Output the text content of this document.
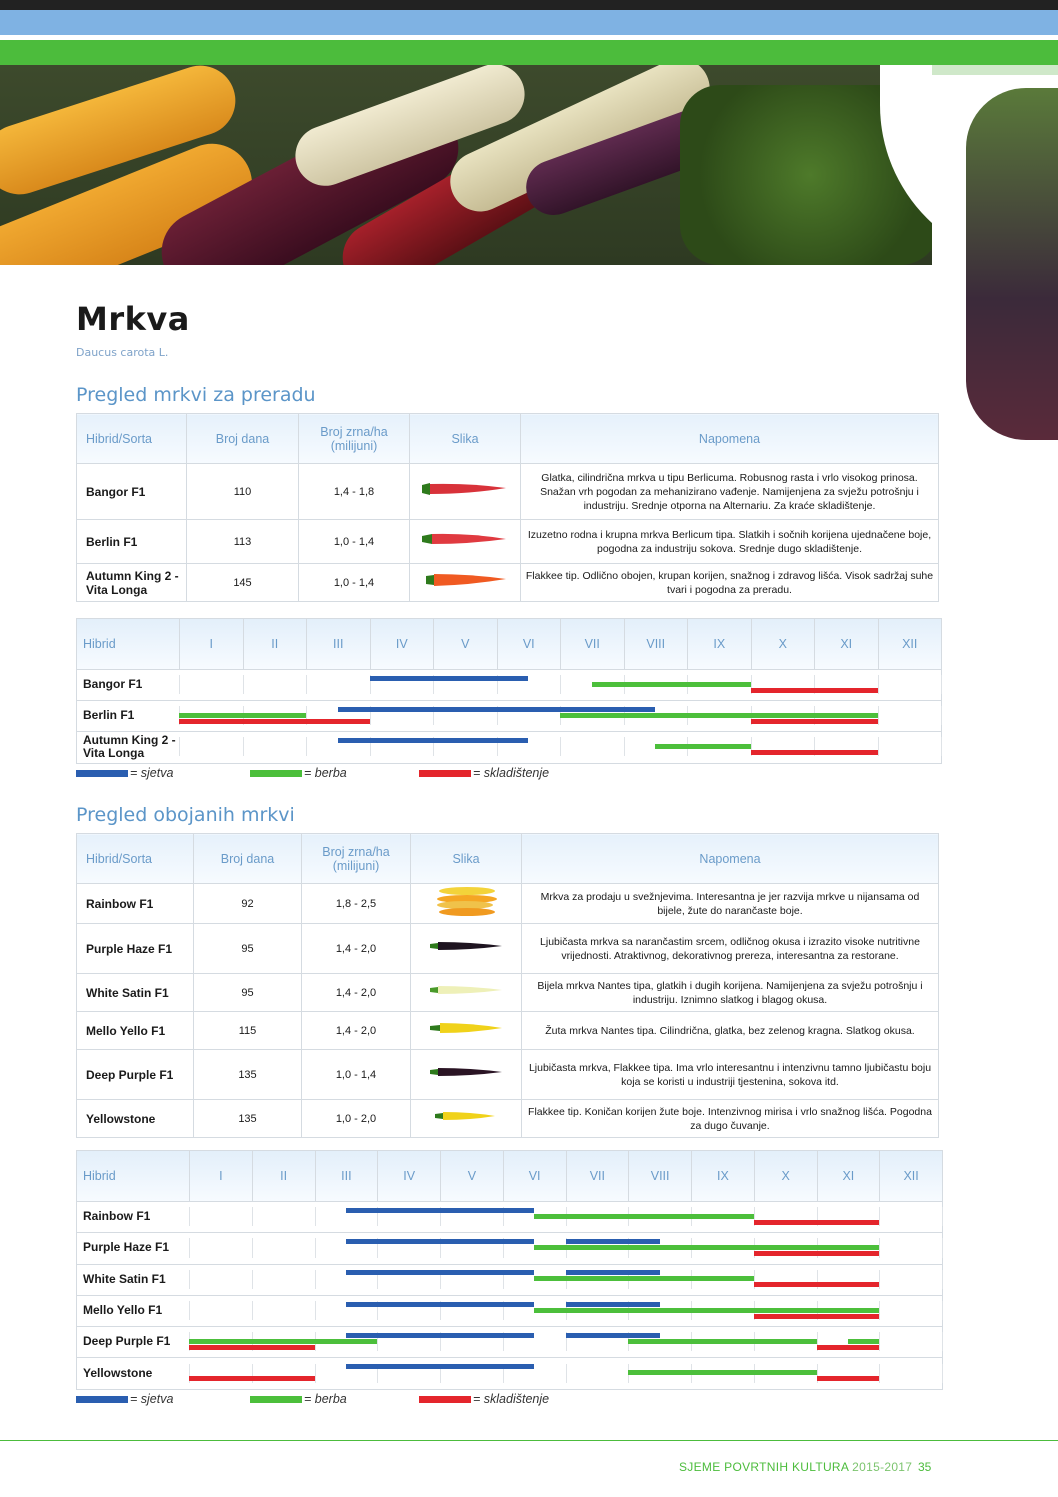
Mrkva
Daucus carota L.
Pregled mrkvi za preradu
Hibrid/Sorta	Broj dana	Broj zrna/ha (milijuni)	Slika	Napomena
Bangor F1	110	1,4 - 1,8		Glatka, cilindrična mrkva u tipu Berlicuma. Robusnog rasta i vrlo visokog prinosa. Snažan vrh pogodan za mehanizirano vađenje. Namijenjena za svježu potrošnju i industriju. Srednje otporna na Alternariu. Za kraće skladištenje.
Berlin F1	113	1,0 - 1,4		Izuzetno rodna i krupna mrkva Berlicum tipa. Slatkih i sočnih korijena ujednačene boje, pogodna za industriju sokova. Srednje dugo skladištenje.
Autumn King 2 - Vita Longa	145	1,0 - 1,4		Flakkee tip. Odlično obojen, krupan korijen, snažnog i zdravog lišća. Visok sadržaj suhe tvari i pogodna za preradu.
Hibrid	I	II	III	IV	V	VI	VII	VIII	IX	X	XI	XII
Bangor F1
Berlin F1
Autumn King 2 - Vita Longa
= sjetva	= berba	= skladištenje
Pregled obojanih mrkvi
Hibrid/Sorta	Broj dana	Broj zrna/ha (milijuni)	Slika	Napomena
Rainbow F1	92	1,8 - 2,5		Mrkva za prodaju u svežnjevima. Interesantna je jer razvija mrkve u nijansama od bijele, žute do narančaste boje.
Purple Haze F1	95	1,4 - 2,0		Ljubičasta mrkva sa narančastim srcem, odličnog okusa i izrazito visoke nutritivne vrijednosti. Atraktivnog, dekorativnog prereza, interesantna za restorane.
White Satin F1	95	1,4 - 2,0		Bijela mrkva Nantes tipa, glatkih i dugih korijena. Namijenjena za svježu potrošnju i industriju. Iznimno slatkog i blagog okusa.
Mello Yello F1	115	1,4 - 2,0		Žuta mrkva Nantes tipa. Cilindrična, glatka, bez zelenog kragna. Slatkog okusa.
Deep Purple F1	135	1,0 - 1,4		Ljubičasta mrkva, Flakkee tipa. Ima vrlo interesantnu i intenzivnu tamno ljubičastu boju koja se koristi u industriji tjestenina, sokova itd.
Yellowstone	135	1,0 - 2,0		Flakkee tip. Koničan korijen žute boje. Intenzivnog mirisa i vrlo snažnog lišća. Pogodna za dugo čuvanje.
Hibrid	I	II	III	IV	V	VI	VII	VIII	IX	X	XI	XII
Rainbow F1
Purple Haze F1
White Satin F1
Mello Yello F1
Deep Purple F1
Yellowstone
= sjetva	= berba	= skladištenje
SJEME POVRTNIH KULTURA 2015-2017 35
